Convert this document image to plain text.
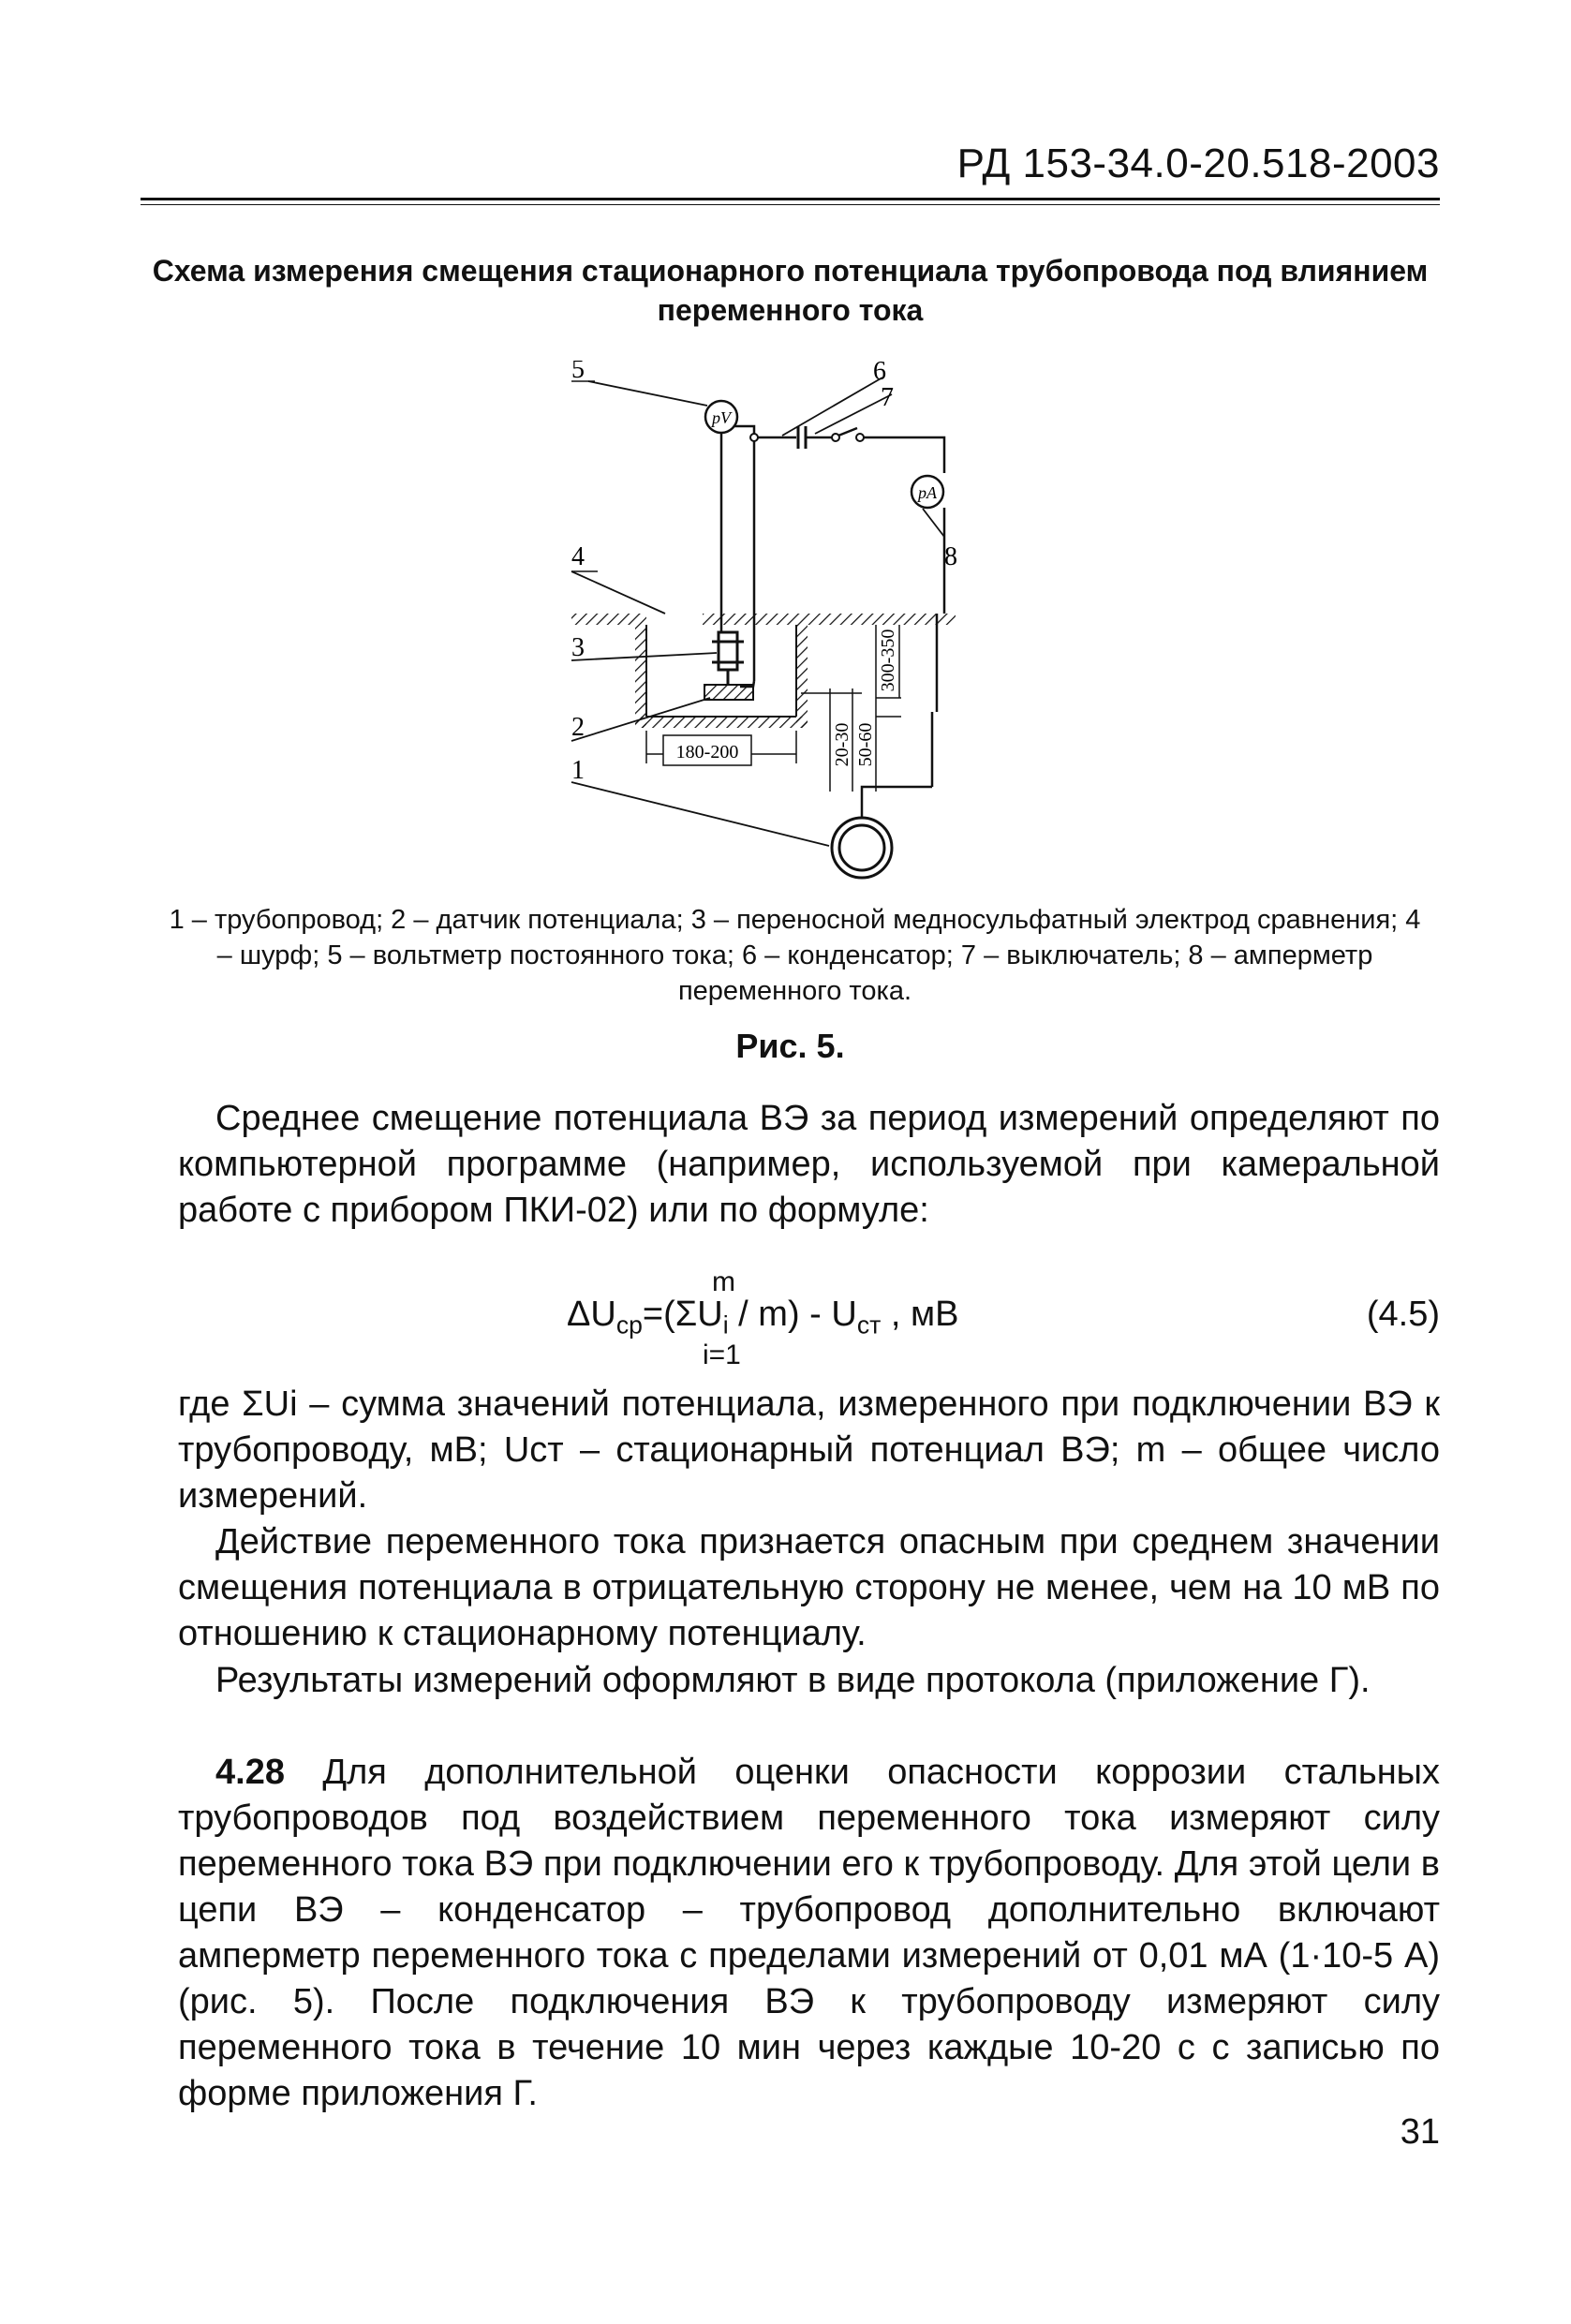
РД 153-34.0-20.518-2003
Схема измерения смещения стационарного потенциала трубопровода под влиянием переменного тока
pV
pA
180-200	20-30 50-60
300-350
5	6
7
8
4
3
2
1
1 – трубопровод; 2 – датчик потенциала; 3 – переносной медносульфатный электрод сравнения; 4 – шурф; 5 – вольтметр постоянного тока; 6 – конденсатор; 7 – выключатель; 8 – амперметр переменного тока.
Рис. 5.
Среднее смещение потенциала ВЭ за период измерений определяют по компьютерной программе (например, используемой при камеральной работе с прибором ПКИ-02) или по формуле:
m
$\Delta U_{ср}=(\Sigma U_i / m) - U_{ст}$ , мВ
i=1
(4.5)
где ΣUi – сумма значений потенциала, измеренного при подключении ВЭ к трубопроводу, мВ; Uст – стационарный потенциал ВЭ; m – общее число измерений.
Действие переменного тока признается опасным при среднем значении смещения потенциала в отрицательную сторону не менее, чем на 10 мВ по отношению к стационарному потенциалу.
Результаты измерений оформляют в виде протокола (приложение Г).
4.28 Для дополнительной оценки опасности коррозии стальных трубопроводов под воздействием переменного тока измеряют силу переменного тока ВЭ при подключении его к трубопроводу. Для этой цели в цепи ВЭ – конденсатор – трубопровод дополнительно включают амперметр переменного тока с пределами измерений от 0,01 мА (1·10-5 А) (рис. 5). После подключения ВЭ к трубопроводу измеряют силу переменного тока в течение 10 мин через каждые 10-20 с с записью по форме приложения Г.
31
